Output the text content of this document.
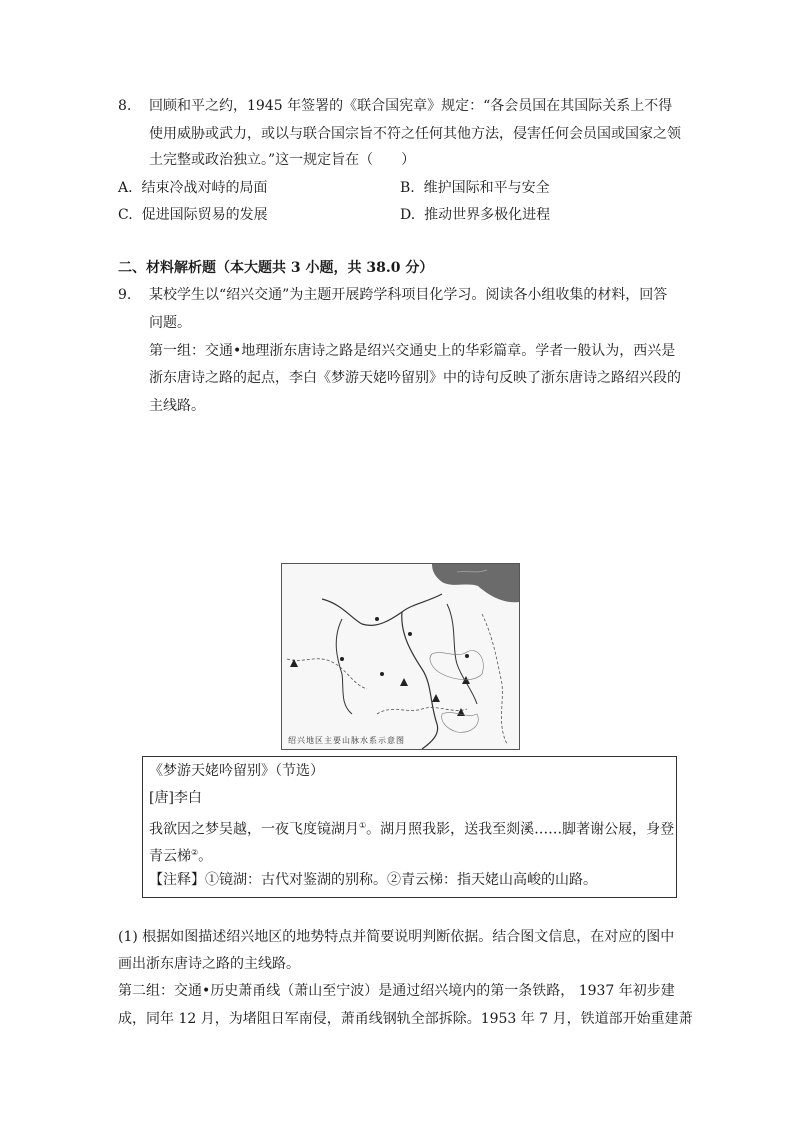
8. 回顾和平之约，1945 年签署的《联合国宪章》规定：“各会员国在其国际关系上不得
使用威胁或武力，或以与联合国宗旨不符之任何其他方法，侵害任何会员国或国家之领
土完整或政治独立。”这一规定旨在（　　）
A. 结束冷战对峙的局面	B. 维护国际和平与安全
C. 促进国际贸易的发展	D. 推动世界多极化进程
二、材料解析题（本大题共 3 小题，共 38.0 分）
9. 某校学生以“绍兴交通”为主题开展跨学科项目化学习。阅读各小组收集的材料，回答
问题。
第一组：交通•地理浙东唐诗之路是绍兴交通史上的华彩篇章。学者一般认为，西兴是
浙东唐诗之路的起点，李白《梦游天姥吟留别》中的诗句反映了浙东唐诗之路绍兴段的
主线路。
绍兴地区主要山脉水系示意图
《梦游天姥吟留别》（节选）
[唐]李白
我欲因之梦吴越，一夜飞度镜湖月①。湖月照我影，送我至剡溪……脚著谢公屐，身登
青云梯②。
【注释】①镜湖：古代对鉴湖的别称。②青云梯：指天姥山高峻的山路。
(1) 根据如图描述绍兴地区的地势特点并简要说明判断依据。结合图文信息，在对应的图中
画出浙东唐诗之路的主线路。
第二组：交通•历史萧甬线（萧山至宁波）是通过绍兴境内的第一条铁路， 1937 年初步建
成，同年 12 月，为堵阻日军南侵，萧甬线钢轨全部拆除。1953 年 7 月，铁道部开始重建萧
